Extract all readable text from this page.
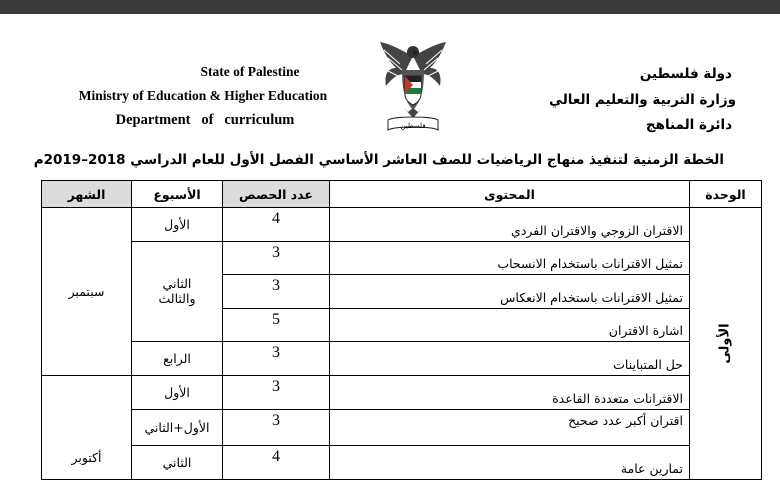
State of Palestine
Ministry of Education & Higher Education
Department   of   curriculum	فلسطين
دولة فلسطين
وزارة التربية والتعليم العالي
دائرة المناهج
الخطة الزمنية لتنفيذ منهاج الرياضيات للصف العاشر الأساسي الفصل الأول للعام الدراسي 2018–2019م
الوحدة	المحتوى	عدد الحصص	الأسبوع	الشهر
الأولى	الاقتران الزوجي والاقتران الفردي	4	الأول	سبتمبر
	تمثيل الاقترانات باستخدام الانسحاب	3	الثاني والثالث	
	تمثيل الاقترانات باستخدام الانعكاس	3		
	اشارة الاقتران	5		
	حل المتباينات	3	الرابع	
	الاقترانات متعددة القاعدة	3	الأول	أكتوبر
	اقتران أكبر عدد صحيح	3	الأول+الثاني	
	تمارين عامة	4	الثاني	
